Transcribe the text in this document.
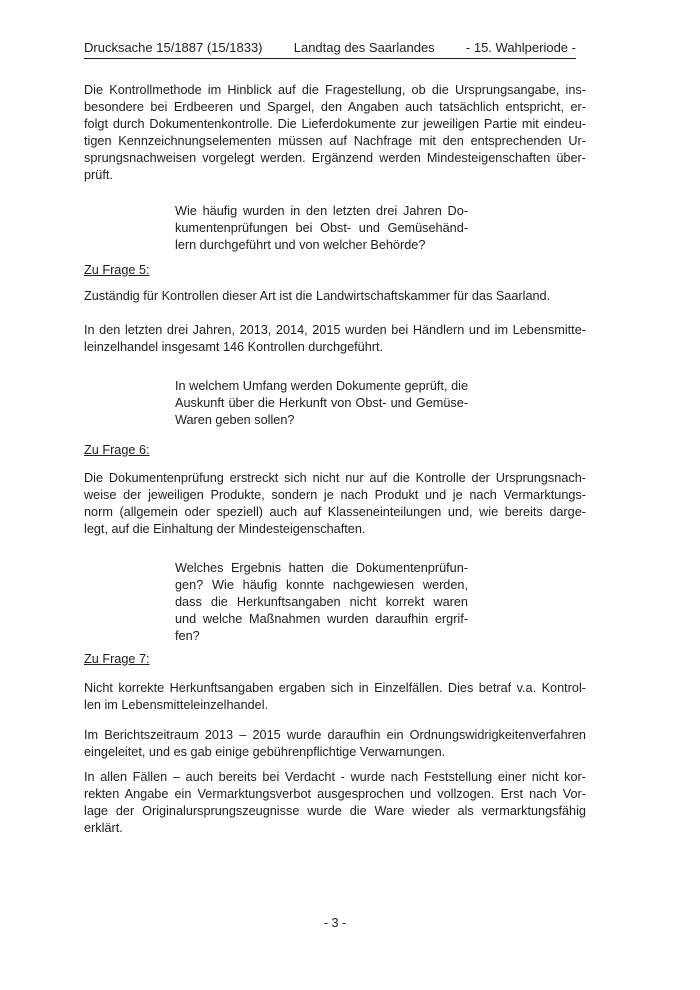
Drucksache 15/1887 (15/1833) Landtag des Saarlandes - 15. Wahlperiode -
Die Kontrollmethode im Hinblick auf die Fragestellung, ob die Ursprungsangabe, ins-
besondere bei Erdbeeren und Spargel, den Angaben auch tatsächlich entspricht, er-
folgt durch Dokumentenkontrolle. Die Lieferdokumente zur jeweiligen Partie mit eindeu-
tigen Kennzeichnungselementen müssen auf Nachfrage mit den entsprechenden Ur-
sprungsnachweisen vorgelegt werden. Ergänzend werden Mindesteigenschaften über-
prüft.
Wie häufig wurden in den letzten drei Jahren Do-
kumentenprüfungen bei Obst- und Gemüsehänd-
lern durchgeführt und von welcher Behörde?
Zu Frage 5:
Zuständig für Kontrollen dieser Art ist die Landwirtschaftskammer für das Saarland.
In den letzten drei Jahren, 2013, 2014, 2015 wurden bei Händlern und im Lebensmitte-
leinzelhandel insgesamt 146 Kontrollen durchgeführt.
In welchem Umfang werden Dokumente geprüft, die
Auskunft über die Herkunft von Obst- und Gemüse-
Waren geben sollen?
Zu Frage 6:
Die Dokumentenprüfung erstreckt sich nicht nur auf die Kontrolle der Ursprungsnach-
weise der jeweiligen Produkte, sondern je nach Produkt und je nach Vermarktungs-
norm (allgemein oder speziell) auch auf Klasseneinteilungen und, wie bereits darge-
legt, auf die Einhaltung der Mindesteigenschaften.
Welches Ergebnis hatten die Dokumentenprüfun-
gen? Wie häufig konnte nachgewiesen werden,
dass die Herkunftsangaben nicht korrekt waren
und welche Maßnahmen wurden daraufhin ergrif-
fen?
Zu Frage 7:
Nicht korrekte Herkunftsangaben ergaben sich in Einzelfällen. Dies betraf v.a. Kontrol-
len im Lebensmitteleinzelhandel.
Im Berichtszeitraum 2013 – 2015 wurde daraufhin ein Ordnungswidrigkeitenverfahren
eingeleitet, und es gab einige gebührenpflichtige Verwarnungen.
In allen Fällen – auch bereits bei Verdacht - wurde nach Feststellung einer nicht kor-
rekten Angabe ein Vermarktungsverbot ausgesprochen und vollzogen. Erst nach Vor-
lage der Originalursprungszeugnisse wurde die Ware wieder als vermarktungsfähig
erklärt.
- 3 -
